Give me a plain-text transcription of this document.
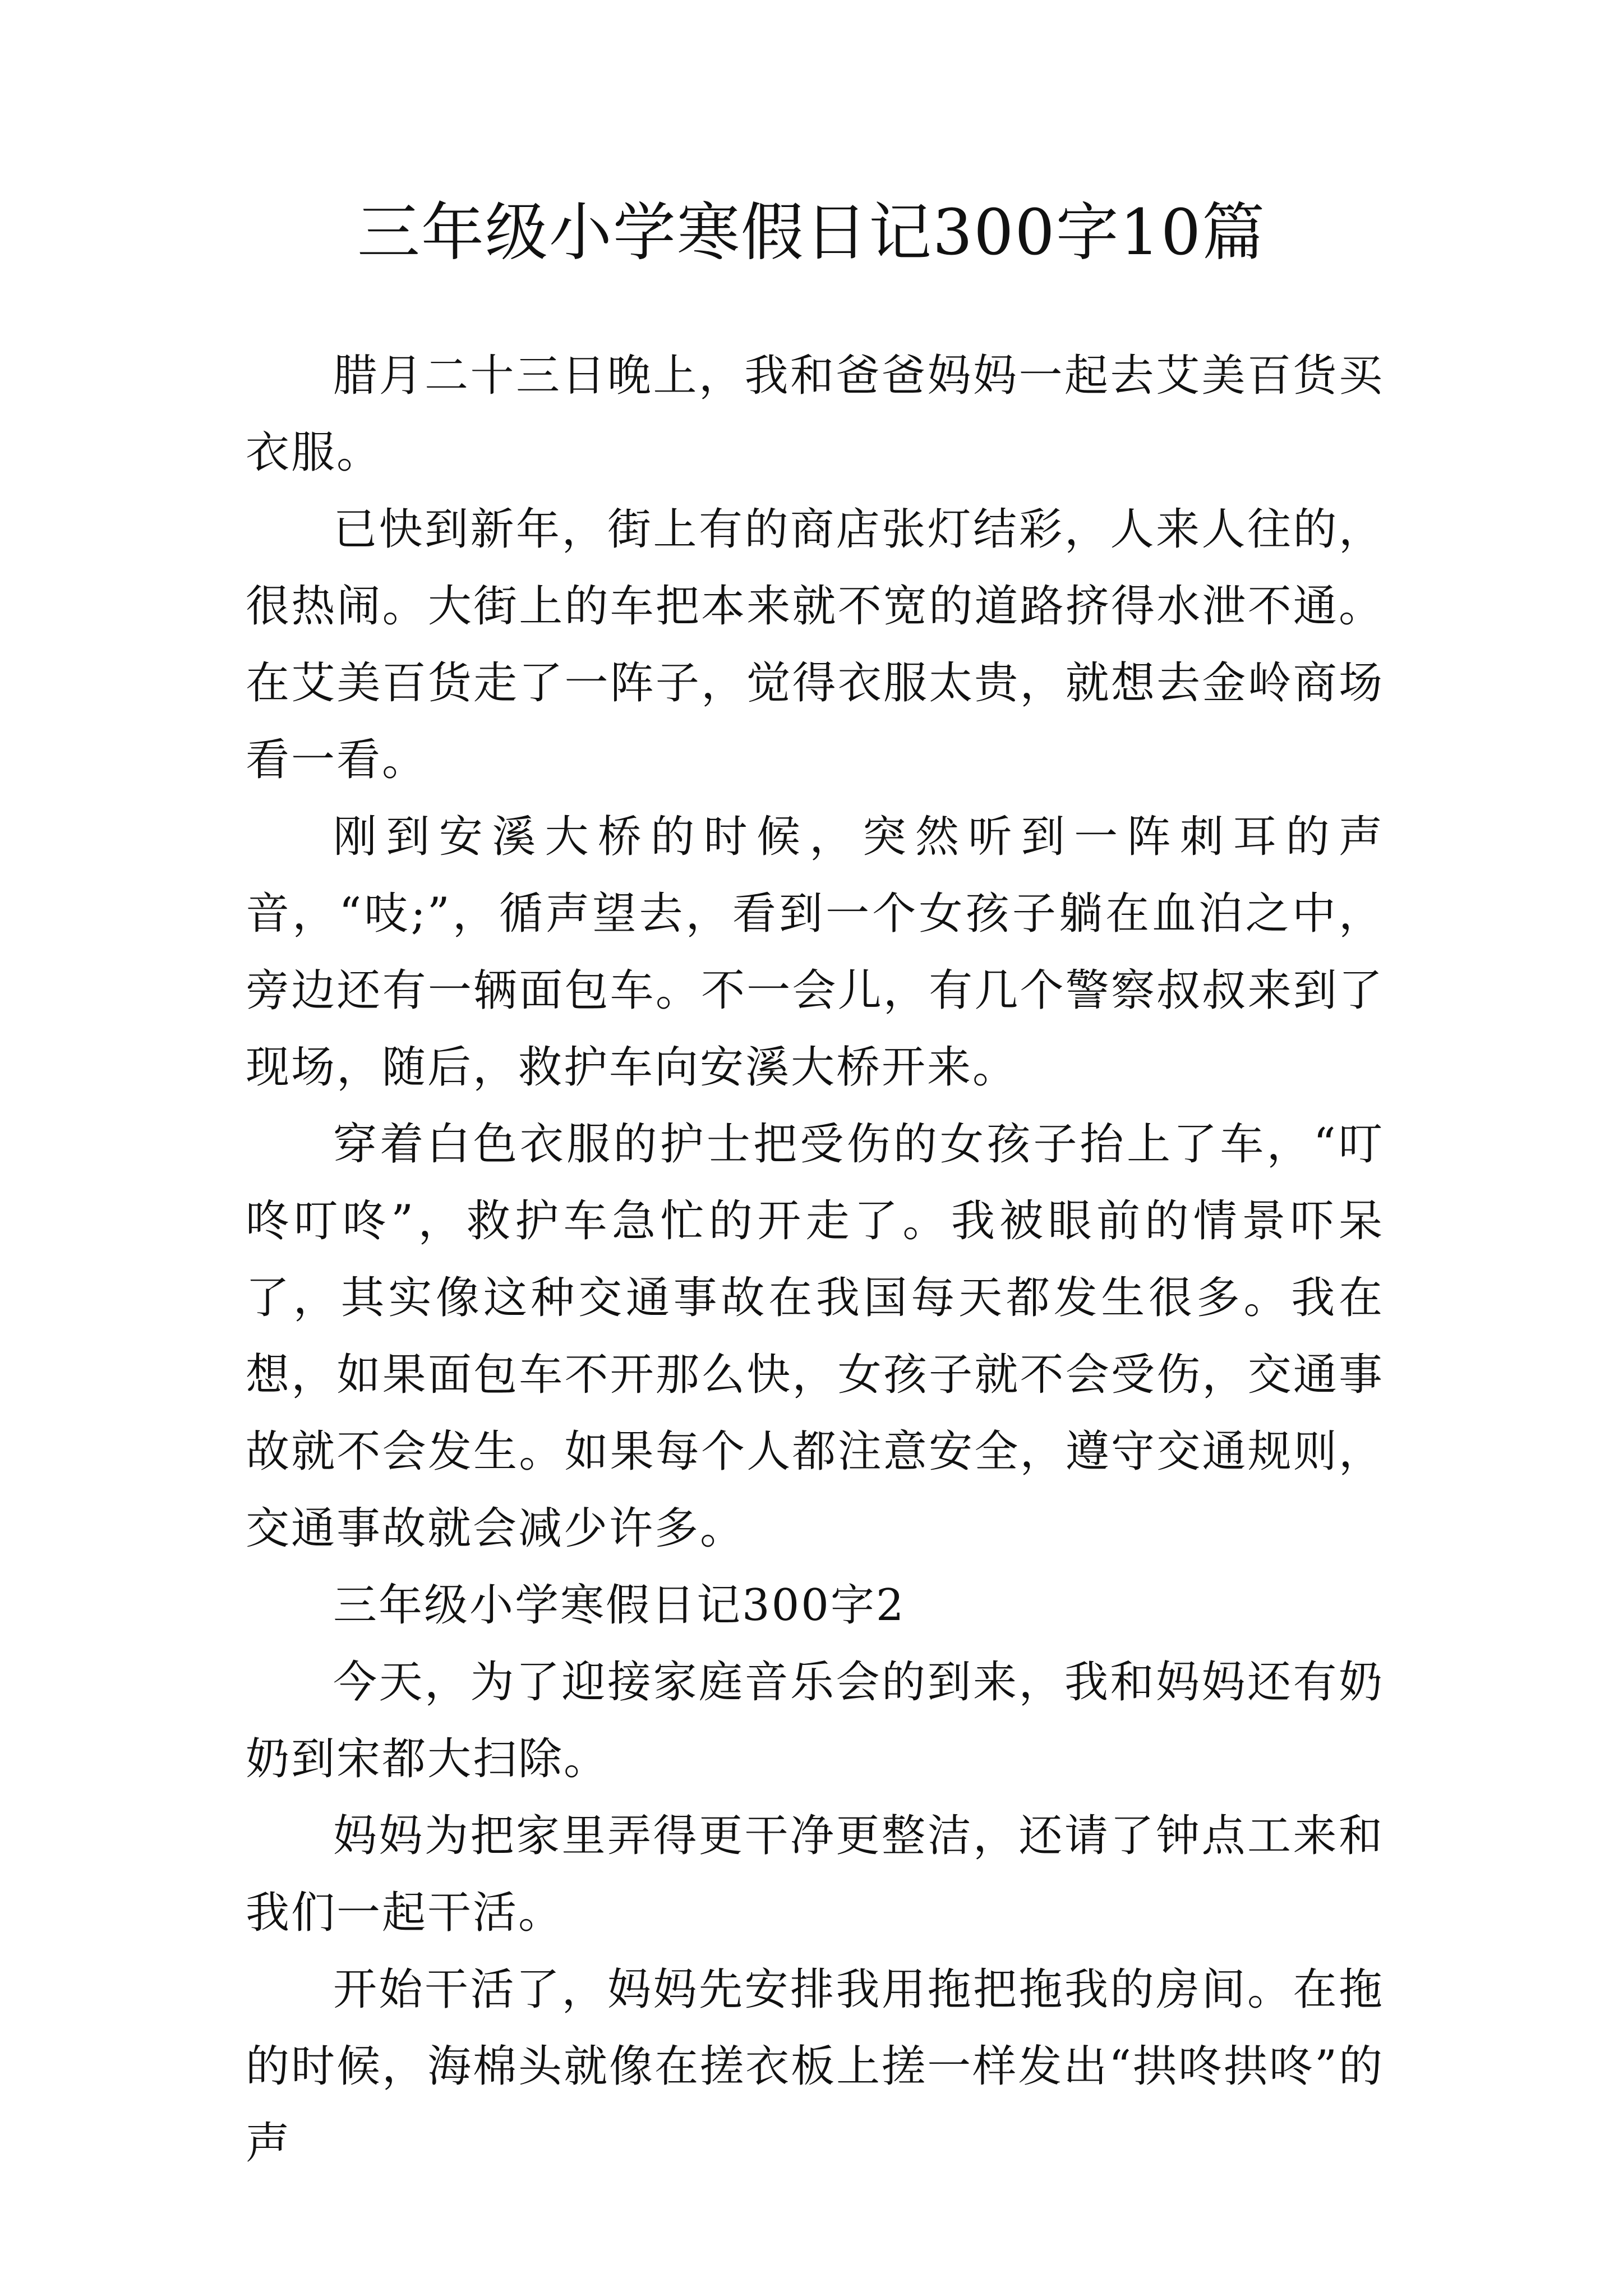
三年级小学寒假日记300字10篇

腊月二十三日晚上，我和爸爸妈妈一起去艾美百货买衣服。

已快到新年，街上有的商店张灯结彩，人来人往的，很热闹。大街上的车把本来就不宽的道路挤得水泄不通。在艾美百货走了一阵子，觉得衣服太贵，就想去金岭商场看一看。

刚到安溪大桥的时候，突然听到一阵刺耳的声音，“吱;”，循声望去，看到一个女孩子躺在血泊之中，旁边还有一辆面包车。不一会儿，有几个警察叔叔来到了现场，随后，救护车向安溪大桥开来。

穿着白色衣服的护士把受伤的女孩子抬上了车，“叮咚叮咚”，救护车急忙的开走了。我被眼前的情景吓呆了，其实像这种交通事故在我国每天都发生很多。我在想，如果面包车不开那么快，女孩子就不会受伤，交通事故就不会发生。如果每个人都注意安全，遵守交通规则，交通事故就会减少许多。

三年级小学寒假日记300字2

今天，为了迎接家庭音乐会的到来，我和妈妈还有奶奶到宋都大扫除。

妈妈为把家里弄得更干净更整洁，还请了钟点工来和我们一起干活。

开始干活了，妈妈先安排我用拖把拖我的房间。在拖的时候，海棉头就像在搓衣板上搓一样发出“拱咚拱咚”的声
